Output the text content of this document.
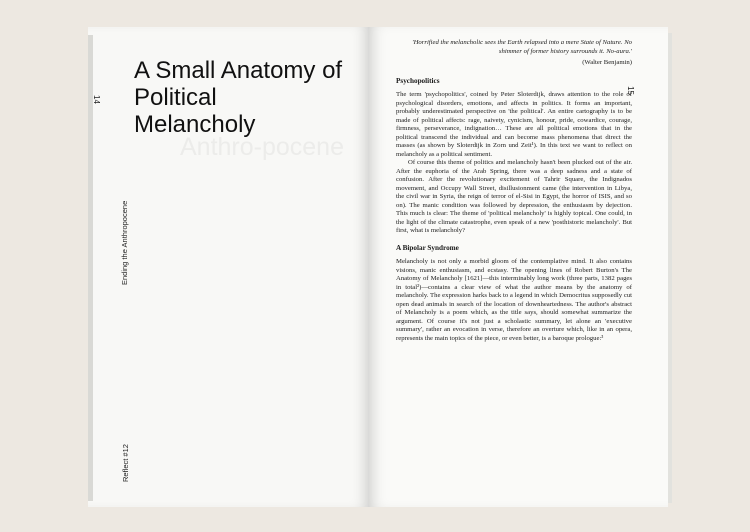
Anthro-pocene
A Small Anatomy of Political Melancholy
14
Ending the Anthropocene
Reflect #12
15
'Horrified the melancholic sees the Earth relapsed into a mere State of Nature. No shimmer of former history surrounds it. No-aura.'
(Walter Benjamin)
Psychopolitics

The term 'psychopolitics', coined by Peter Sloterdijk, draws attention to the role of psychological disorders, emotions, and affects in politics. It forms an important, probably underestimated perspective on 'the political'. An entire cartography is to be made of political affects: rage, naivety, cynicism, honour, pride, cowardice, courage, firmness, perseverance, indignation… These are all political emotions that in the political transcend the individual and can become mass phenomena that direct the masses (as shown by Sloterdijk in Zorn und Zeit¹). In this text we want to reflect on melancholy as a political sentiment.

Of course this theme of politics and melancholy hasn't been plucked out of the air. After the euphoria of the Arab Spring, there was a deep sadness and a state of confusion. After the revolutionary excitement of Tahrir Square, the Indignados movement, and Occupy Wall Street, disillusionment came (the intervention in Libya, the civil war in Syria, the reign of terror of el-Sisi in Egypt, the horror of ISIS, and so on). The manic condition was followed by depression, the enthusiasm by dejection. This much is clear: The theme of 'political melancholy' is highly topical. One could, in the light of the climate catastrophe, even speak of a new 'posthistoric melancholy'. But first, what is melancholy?

A Bipolar Syndrome

Melancholy is not only a morbid gloom of the contemplative mind. It also contains visions, manic enthusiasm, and ecstasy. The opening lines of Robert Burton's The Anatomy of Melancholy [1621]—this interminably long work (three parts, 1382 pages in total²)—contains a clear view of what the author means by the anatomy of melancholy. The expression harks back to a legend in which Democritus supposedly cut open dead animals in search of the location of downheartedness. The author's abstract of Melancholy is a poem which, as the title says, should somewhat summarize the argument. Of course it's not just a scholastic summary, let alone an 'executive summary', rather an evocation in verse, therefore an overture which, like in an opera, represents the main topics of the piece, or even better, is a baroque prologue:³
